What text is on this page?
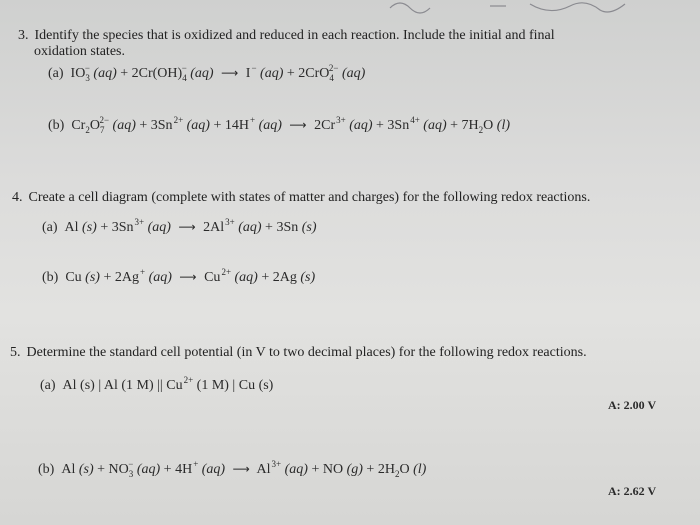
3. Identify the species that is oxidized and reduced in each reaction. Include the initial and final
oxidation states.
(a) $IO_3^-$ $(aq) + 2Cr(OH)_4^-$ (aq) ⟶ I− (aq) + 2CrO$_4^{2-}$ (aq)
(b) $Cr_2O_7^{2-}$ $(aq) + 3Sn^{2+}$ (aq) + 14H+ (aq) ⟶ $2Cr^{3+}$ $(aq) + 3Sn^{4+}$ $(aq) + 7H_2O$ (l)
4. Create a cell diagram (complete with states of matter and charges) for the following redox reactions.
(a) Al $(s) + 3Sn^{3+}$ (aq) ⟶ $2Al^{3+}$ (aq) + 3Sn (s)
(b) Cu (s) + 2Ag+ (aq) ⟶ $Cu^{2+}$ (aq) + 2Ag (s)
5. Determine the standard cell potential (in V to two decimal places) for the following redox reactions.
(a) Al (s) | Al (1 M) || $Cu^{2+}$ (1 M) | Cu (s)
A: 2.00 V
(b) Al $(s) + NO_3^-$ (aq) + 4H+ (aq) ⟶ $Al^{3+}$ (aq) + NO $(g) + 2H_2O$ (l)
A: 2.62 V
